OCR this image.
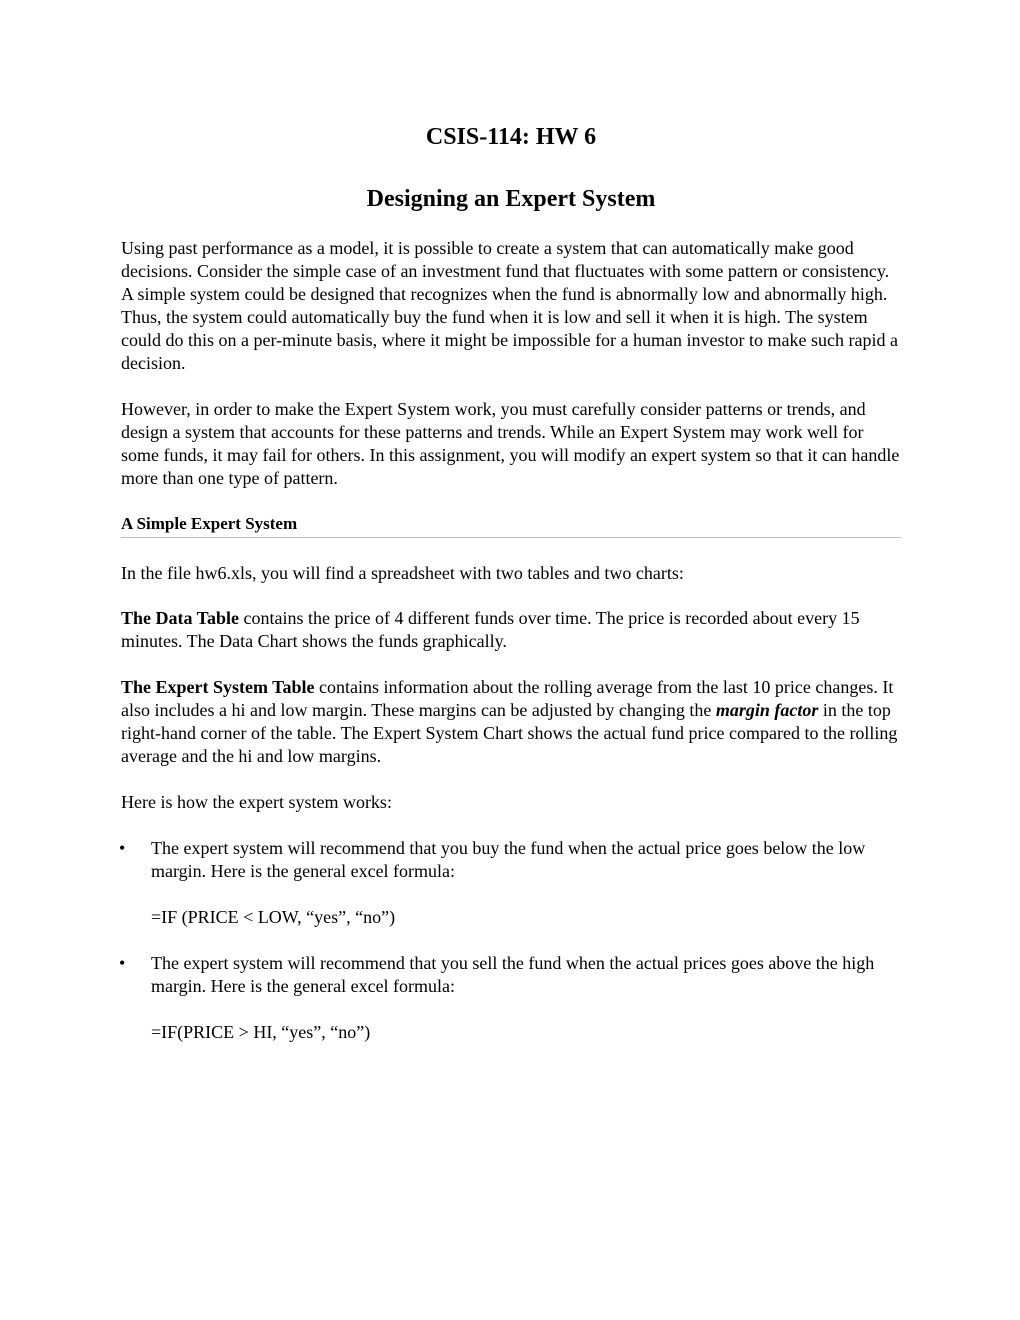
CSIS-114: HW 6
Designing an Expert System

Using past performance as a model, it is possible to create a system that can automatically make good decisions. Consider the simple case of an investment fund that fluctuates with some pattern or consistency. A simple system could be designed that recognizes when the fund is abnormally low and abnormally high. Thus, the system could automatically buy the fund when it is low and sell it when it is high. The system could do this on a per-minute basis, where it might be impossible for a human investor to make such rapid a decision.

However, in order to make the Expert System work, you must carefully consider patterns or trends, and design a system that accounts for these patterns and trends. While an Expert System may work well for some funds, it may fail for others. In this assignment, you will modify an expert system so that it can handle more than one type of pattern.

A Simple Expert System

In the file hw6.xls, you will find a spreadsheet with two tables and two charts:

The Data Table contains the price of 4 different funds over time. The price is recorded about every 15 minutes. The Data Chart shows the funds graphically.

The Expert System Table contains information about the rolling average from the last 10 price changes. It also includes a hi and low margin. These margins can be adjusted by changing the margin factor in the top right-hand corner of the table. The Expert System Chart shows the actual fund price compared to the rolling average and the hi and low margins.

Here is how the expert system works:

• The expert system will recommend that you buy the fund when the actual price goes below the low margin. Here is the general excel formula:
=IF (PRICE < LOW, “yes”, “no”)
• The expert system will recommend that you sell the fund when the actual prices goes above the high margin. Here is the general excel formula:
=IF(PRICE > HI, “yes”, “no”)
